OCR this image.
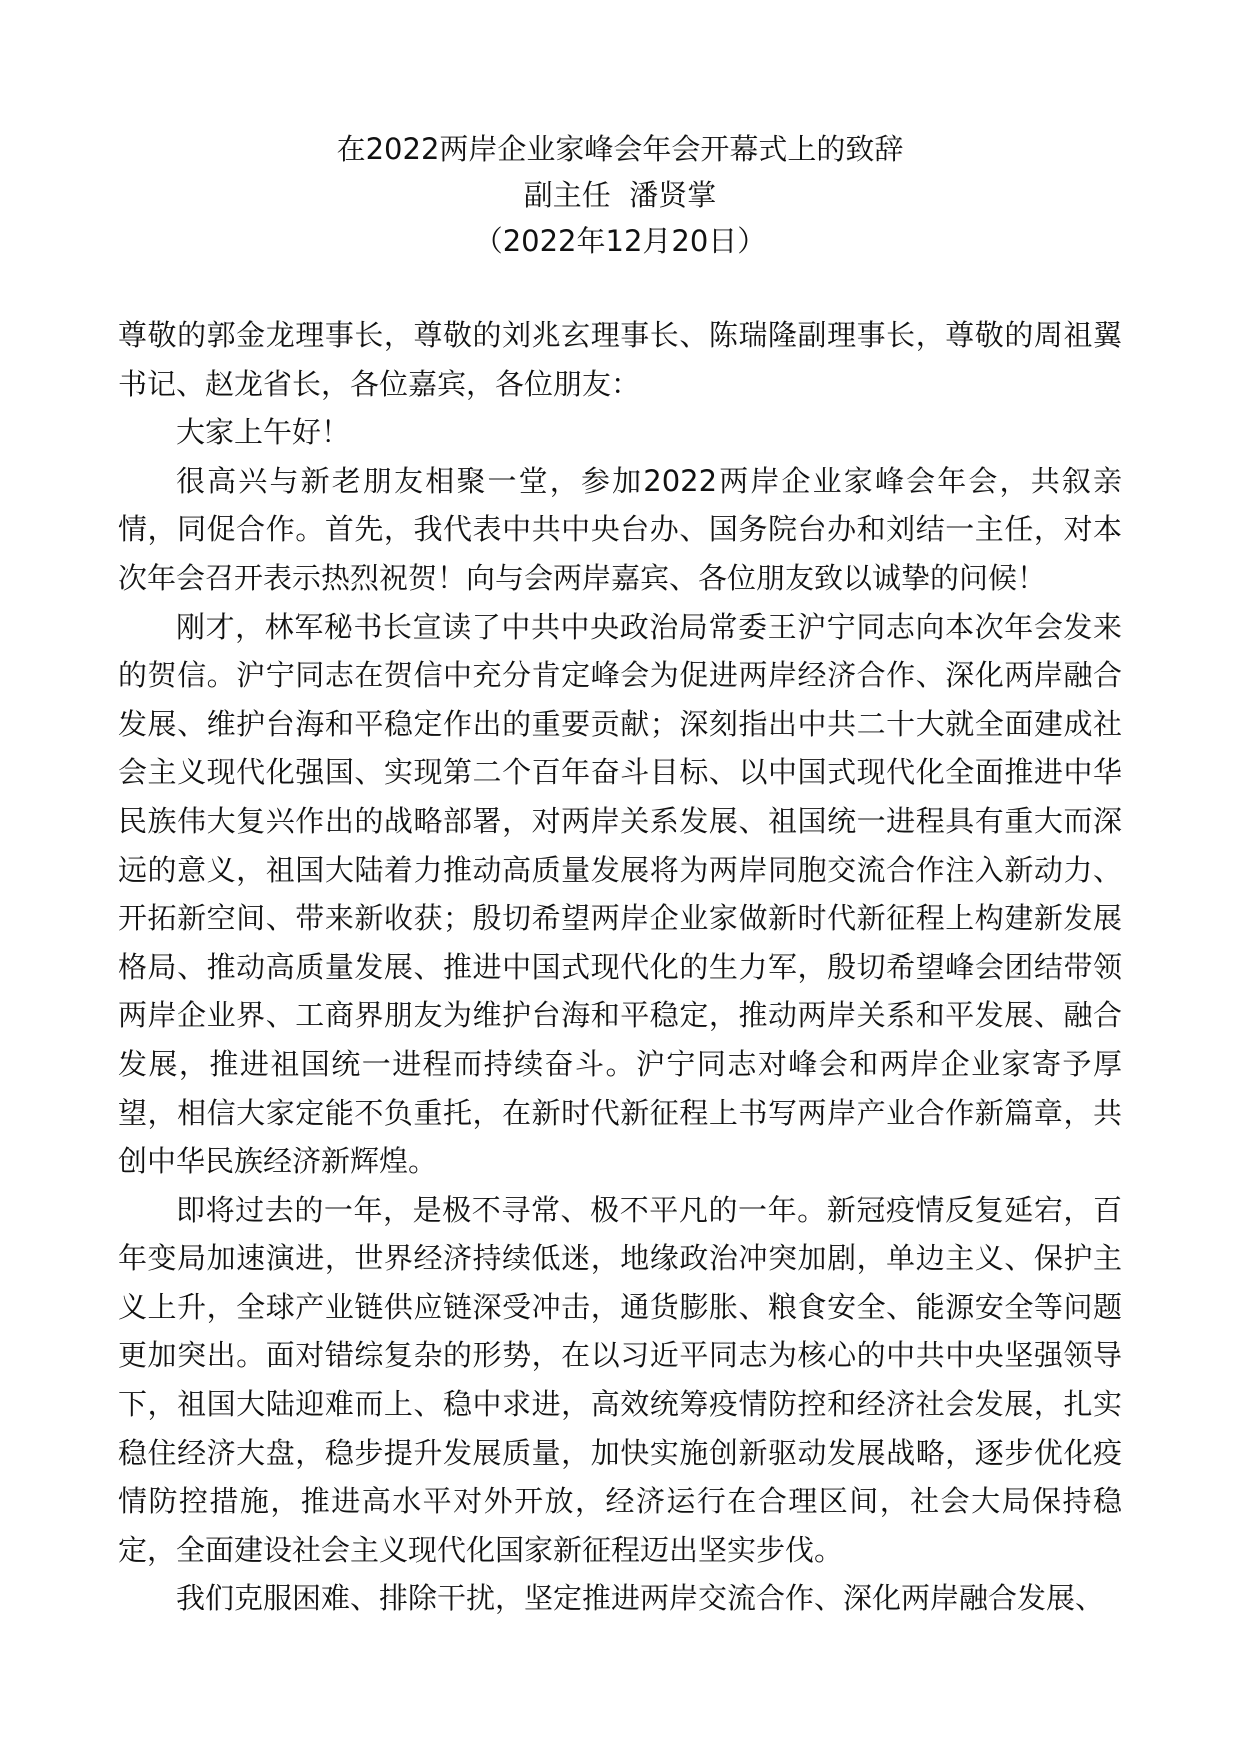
在2022两岸企业家峰会年会开幕式上的致辞
副主任  潘贤掌
（2022年12月20日）
尊敬的郭金龙理事长，尊敬的刘兆玄理事长、陈瑞隆副理事长，尊敬的周祖翼
书记、赵龙省长，各位嘉宾，各位朋友：
大家上午好！
很高兴与新老朋友相聚一堂，参加2022两岸企业家峰会年会，共叙亲
情，同促合作。首先，我代表中共中央台办、国务院台办和刘结一主任，对本
次年会召开表示热烈祝贺！向与会两岸嘉宾、各位朋友致以诚挚的问候！
刚才，林军秘书长宣读了中共中央政治局常委王沪宁同志向本次年会发来
的贺信。沪宁同志在贺信中充分肯定峰会为促进两岸经济合作、深化两岸融合
发展、维护台海和平稳定作出的重要贡献；深刻指出中共二十大就全面建成社
会主义现代化强国、实现第二个百年奋斗目标、以中国式现代化全面推进中华
民族伟大复兴作出的战略部署，对两岸关系发展、祖国统一进程具有重大而深
远的意义，祖国大陆着力推动高质量发展将为两岸同胞交流合作注入新动力、
开拓新空间、带来新收获；殷切希望两岸企业家做新时代新征程上构建新发展
格局、推动高质量发展、推进中国式现代化的生力军，殷切希望峰会团结带领
两岸企业界、工商界朋友为维护台海和平稳定，推动两岸关系和平发展、融合
发展，推进祖国统一进程而持续奋斗。沪宁同志对峰会和两岸企业家寄予厚
望，相信大家定能不负重托，在新时代新征程上书写两岸产业合作新篇章，共
创中华民族经济新辉煌。
即将过去的一年，是极不寻常、极不平凡的一年。新冠疫情反复延宕，百
年变局加速演进，世界经济持续低迷，地缘政治冲突加剧，单边主义、保护主
义上升，全球产业链供应链深受冲击，通货膨胀、粮食安全、能源安全等问题
更加突出。面对错综复杂的形势，在以习近平同志为核心的中共中央坚强领导
下，祖国大陆迎难而上、稳中求进，高效统筹疫情防控和经济社会发展，扎实
稳住经济大盘，稳步提升发展质量，加快实施创新驱动发展战略，逐步优化疫
情防控措施，推进高水平对外开放，经济运行在合理区间，社会大局保持稳
定，全面建设社会主义现代化国家新征程迈出坚实步伐。
我们克服困难、排除干扰，坚定推进两岸交流合作、深化两岸融合发展、
